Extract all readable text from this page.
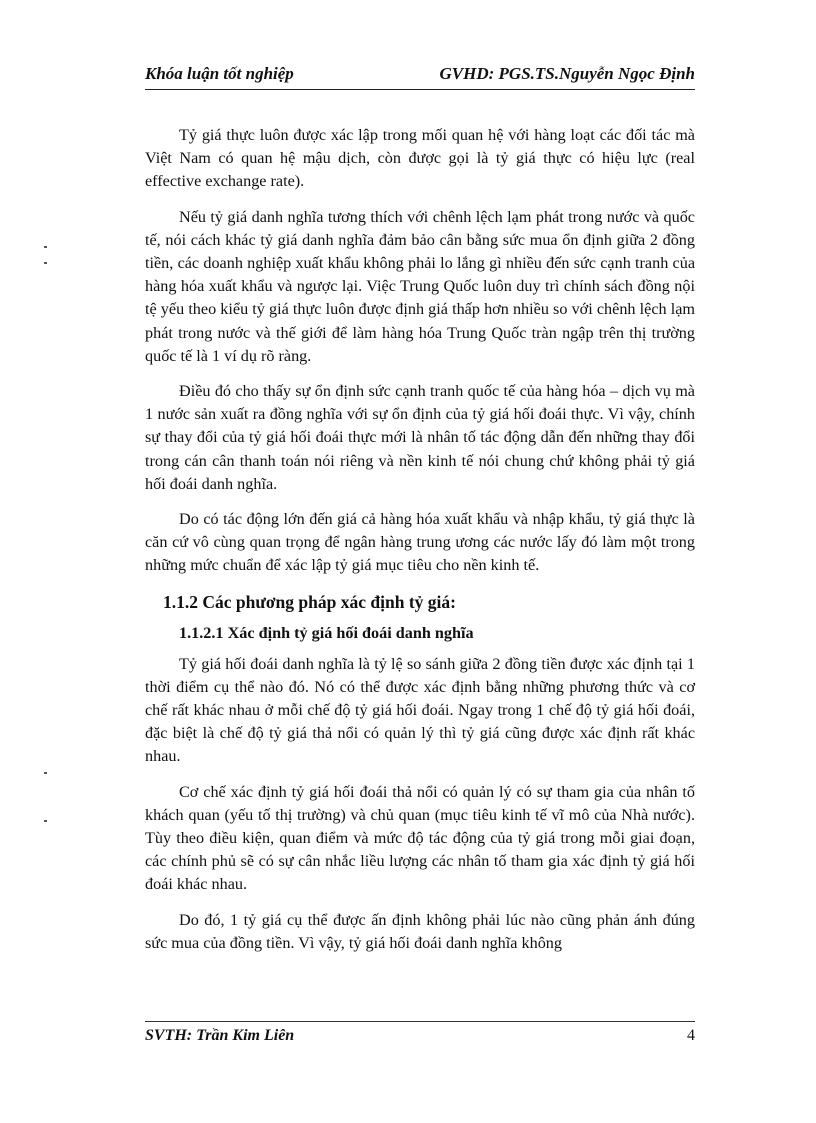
Khóa luận tốt nghiệp	GVHD: PGS.TS.Nguyễn Ngọc Định

Tỷ giá thực luôn được xác lập trong mối quan hệ với hàng loạt các đối tác mà Việt Nam có quan hệ mậu dịch, còn được gọi là tỷ giá thực có hiệu lực (real effective exchange rate).

Nếu tỷ giá danh nghĩa tương thích với chênh lệch lạm phát trong nước và quốc tế, nói cách khác tỷ giá danh nghĩa đảm bảo cân bằng sức mua ổn định giữa 2 đồng tiền, các doanh nghiệp xuất khẩu không phải lo lắng gì nhiều đến sức cạnh tranh của hàng hóa xuất khẩu và ngược lại. Việc Trung Quốc luôn duy trì chính sách đồng nội tệ yếu theo kiểu tỷ giá thực luôn được định giá thấp hơn nhiều so với chênh lệch lạm phát trong nước và thế giới để làm hàng hóa Trung Quốc tràn ngập trên thị trường quốc tế là 1 ví dụ rõ ràng.

Điều đó cho thấy sự ổn định sức cạnh tranh quốc tế của hàng hóa – dịch vụ mà 1 nước sản xuất ra đồng nghĩa với sự ổn định của tỷ giá hối đoái thực. Vì vậy, chính sự thay đổi của tỷ giá hối đoái thực mới là nhân tố tác động dẫn đến những thay đổi trong cán cân thanh toán nói riêng và nền kinh tế nói chung chứ không phải tỷ giá hối đoái danh nghĩa.

Do có tác động lớn đến giá cả hàng hóa xuất khẩu và nhập khẩu, tỷ giá thực là căn cứ vô cùng quan trọng để ngân hàng trung ương các nước lấy đó làm một trong những mức chuẩn để xác lập tỷ giá mục tiêu cho nền kinh tế.

1.1.2 Các phương pháp xác định tỷ giá:
1.1.2.1 Xác định tỷ giá hối đoái danh nghĩa

Tỷ giá hối đoái danh nghĩa là tỷ lệ so sánh giữa 2 đồng tiền được xác định tại 1 thời điểm cụ thể nào đó. Nó có thể được xác định bằng những phương thức và cơ chế rất khác nhau ở mỗi chế độ tỷ giá hối đoái. Ngay trong 1 chế độ tỷ giá hối đoái, đặc biệt là chế độ tỷ giá thả nổi có quản lý thì tỷ giá cũng được xác định rất khác nhau.

Cơ chế xác định tỷ giá hối đoái thả nổi có quản lý có sự tham gia của nhân tố khách quan (yếu tố thị trường) và chủ quan (mục tiêu kinh tế vĩ mô của Nhà nước). Tùy theo điều kiện, quan điểm và mức độ tác động của tỷ giá trong mỗi giai đoạn, các chính phủ sẽ có sự cân nhắc liều lượng các nhân tố tham gia xác định tỷ giá hối đoái khác nhau.

Do đó, 1 tỷ giá cụ thể được ấn định không phải lúc nào cũng phản ánh đúng sức mua của đồng tiền. Vì vậy, tỷ giá hối đoái danh nghĩa không

SVTH: Trần Kim Liên	4
